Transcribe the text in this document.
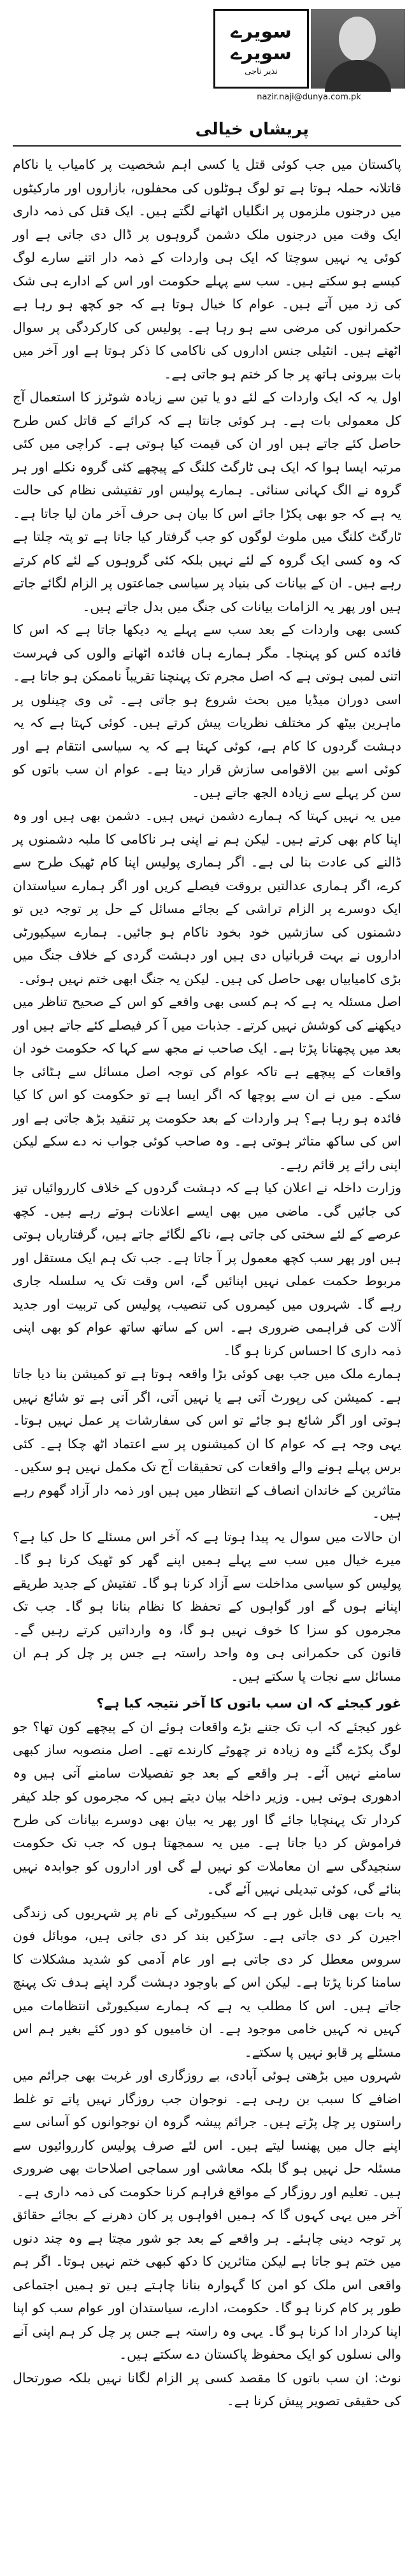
سویرے
سویرے
نذیر ناجی
nazir.naji@dunya.com.pk
پریشاں خیالی

پاکستان میں جب کوئی قتل یا کسی اہم شخصیت پر کامیاب یا ناکام قاتلانہ حملہ ہوتا ہے تو لوگ ہوٹلوں کی محفلوں، بازاروں اور مارکیٹوں میں درجنوں ملزموں پر انگلیاں اٹھانے لگتے ہیں۔ ایک قتل کی ذمہ داری ایک وقت میں درجنوں ملک دشمن گروہوں پر ڈال دی جاتی ہے اور کوئی یہ نہیں سوچتا کہ ایک ہی واردات کے ذمہ دار اتنے سارے لوگ کیسے ہو سکتے ہیں۔ سب سے پہلے حکومت اور اس کے ادارے ہی شک کی زد میں آتے ہیں۔ عوام کا خیال ہوتا ہے کہ جو کچھ ہو رہا ہے حکمرانوں کی مرضی سے ہو رہا ہے۔ پولیس کی کارکردگی پر سوال اٹھتے ہیں۔ انٹیلی جنس اداروں کی ناکامی کا ذکر ہوتا ہے اور آخر میں بات بیرونی ہاتھ پر جا کر ختم ہو جاتی ہے۔

اول یہ کہ ایک واردات کے لئے دو یا تین سے زیادہ شوٹرز کا استعمال آج کل معمولی بات ہے۔ ہر کوئی جانتا ہے کہ کرائے کے قاتل کس طرح حاصل کئے جاتے ہیں اور ان کی قیمت کیا ہوتی ہے۔ کراچی میں کئی مرتبہ ایسا ہوا کہ ایک ہی ٹارگٹ کلنگ کے پیچھے کئی گروہ نکلے اور ہر گروہ نے الگ کہانی سنائی۔ ہمارے پولیس اور تفتیشی نظام کی حالت یہ ہے کہ جو بھی پکڑا جائے اس کا بیان ہی حرف آخر مان لیا جاتا ہے۔ ٹارگٹ کلنگ میں ملوث لوگوں کو جب گرفتار کیا جاتا ہے تو پتہ چلتا ہے کہ وہ کسی ایک گروہ کے لئے نہیں بلکہ کئی گروہوں کے لئے کام کرتے رہے ہیں۔ ان کے بیانات کی بنیاد پر سیاسی جماعتوں پر الزام لگائے جاتے ہیں اور پھر یہ الزامات بیانات کی جنگ میں بدل جاتے ہیں۔

کسی بھی واردات کے بعد سب سے پہلے یہ دیکھا جاتا ہے کہ اس کا فائدہ کس کو پہنچا۔ مگر ہمارے ہاں فائدہ اٹھانے والوں کی فہرست اتنی لمبی ہوتی ہے کہ اصل مجرم تک پہنچنا تقریباً ناممکن ہو جاتا ہے۔ اسی دوران میڈیا میں بحث شروع ہو جاتی ہے۔ ٹی وی چینلوں پر ماہرین بیٹھ کر مختلف نظریات پیش کرتے ہیں۔ کوئی کہتا ہے کہ یہ دہشت گردوں کا کام ہے، کوئی کہتا ہے کہ یہ سیاسی انتقام ہے اور کوئی اسے بین الاقوامی سازش قرار دیتا ہے۔ عوام ان سب باتوں کو سن کر پہلے سے زیادہ الجھ جاتے ہیں۔

میں یہ نہیں کہتا کہ ہمارے دشمن نہیں ہیں۔ دشمن بھی ہیں اور وہ اپنا کام بھی کرتے ہیں۔ لیکن ہم نے اپنی ہر ناکامی کا ملبہ دشمنوں پر ڈالنے کی عادت بنا لی ہے۔ اگر ہماری پولیس اپنا کام ٹھیک طرح سے کرے، اگر ہماری عدالتیں بروقت فیصلے کریں اور اگر ہمارے سیاستدان ایک دوسرے پر الزام تراشی کے بجائے مسائل کے حل پر توجہ دیں تو دشمنوں کی سازشیں خود بخود ناکام ہو جائیں۔ ہمارے سیکیورٹی اداروں نے بہت قربانیاں دی ہیں اور دہشت گردی کے خلاف جنگ میں بڑی کامیابیاں بھی حاصل کی ہیں۔ لیکن یہ جنگ ابھی ختم نہیں ہوئی۔

اصل مسئلہ یہ ہے کہ ہم کسی بھی واقعے کو اس کے صحیح تناظر میں دیکھنے کی کوشش نہیں کرتے۔ جذبات میں آ کر فیصلے کئے جاتے ہیں اور بعد میں پچھتانا پڑتا ہے۔ ایک صاحب نے مجھ سے کہا کہ حکومت خود ان واقعات کے پیچھے ہے تاکہ عوام کی توجہ اصل مسائل سے ہٹائی جا سکے۔ میں نے ان سے پوچھا کہ اگر ایسا ہے تو حکومت کو اس کا کیا فائدہ ہو رہا ہے؟ ہر واردات کے بعد حکومت پر تنقید بڑھ جاتی ہے اور اس کی ساکھ متاثر ہوتی ہے۔ وہ صاحب کوئی جواب نہ دے سکے لیکن اپنی رائے پر قائم رہے۔

وزارت داخلہ نے اعلان کیا ہے کہ دہشت گردوں کے خلاف کارروائیاں تیز کی جائیں گی۔ ماضی میں بھی ایسے اعلانات ہوتے رہے ہیں۔ کچھ عرصے کے لئے سختی کی جاتی ہے، ناکے لگائے جاتے ہیں، گرفتاریاں ہوتی ہیں اور پھر سب کچھ معمول پر آ جاتا ہے۔ جب تک ہم ایک مستقل اور مربوط حکمت عملی نہیں اپنائیں گے، اس وقت تک یہ سلسلہ جاری رہے گا۔ شہروں میں کیمروں کی تنصیب، پولیس کی تربیت اور جدید آلات کی فراہمی ضروری ہے۔ اس کے ساتھ ساتھ عوام کو بھی اپنی ذمہ داری کا احساس کرنا ہو گا۔

ہمارے ملک میں جب بھی کوئی بڑا واقعہ ہوتا ہے تو کمیشن بنا دیا جاتا ہے۔ کمیشن کی رپورٹ آتی ہے یا نہیں آتی، اگر آتی ہے تو شائع نہیں ہوتی اور اگر شائع ہو جائے تو اس کی سفارشات پر عمل نہیں ہوتا۔ یہی وجہ ہے کہ عوام کا ان کمیشنوں پر سے اعتماد اٹھ چکا ہے۔ کئی برس پہلے ہونے والے واقعات کی تحقیقات آج تک مکمل نہیں ہو سکیں۔ متاثرین کے خاندان انصاف کے انتظار میں ہیں اور ذمہ دار آزاد گھوم رہے ہیں۔

ان حالات میں سوال یہ پیدا ہوتا ہے کہ آخر اس مسئلے کا حل کیا ہے؟ میرے خیال میں سب سے پہلے ہمیں اپنے گھر کو ٹھیک کرنا ہو گا۔ پولیس کو سیاسی مداخلت سے آزاد کرنا ہو گا۔ تفتیش کے جدید طریقے اپنانے ہوں گے اور گواہوں کے تحفظ کا نظام بنانا ہو گا۔ جب تک مجرموں کو سزا کا خوف نہیں ہو گا، وہ وارداتیں کرتے رہیں گے۔ قانون کی حکمرانی ہی وہ واحد راستہ ہے جس پر چل کر ہم ان مسائل سے نجات پا سکتے ہیں۔

غور کیجئے کہ ان سب باتوں کا آخر نتیجہ کیا ہے؟

غور کیجئے کہ اب تک جتنے بڑے واقعات ہوئے ان کے پیچھے کون تھا؟ جو لوگ پکڑے گئے وہ زیادہ تر چھوٹے کارندے تھے۔ اصل منصوبہ ساز کبھی سامنے نہیں آئے۔ ہر واقعے کے بعد جو تفصیلات سامنے آتی ہیں وہ ادھوری ہوتی ہیں۔ وزیر داخلہ بیان دیتے ہیں کہ مجرموں کو جلد کیفر کردار تک پہنچایا جائے گا اور پھر یہ بیان بھی دوسرے بیانات کی طرح فراموش کر دیا جاتا ہے۔ میں یہ سمجھتا ہوں کہ جب تک حکومت سنجیدگی سے ان معاملات کو نہیں لے گی اور اداروں کو جوابدہ نہیں بنائے گی، کوئی تبدیلی نہیں آئے گی۔

یہ بات بھی قابل غور ہے کہ سیکیورٹی کے نام پر شہریوں کی زندگی اجیرن کر دی جاتی ہے۔ سڑکیں بند کر دی جاتی ہیں، موبائل فون سروس معطل کر دی جاتی ہے اور عام آدمی کو شدید مشکلات کا سامنا کرنا پڑتا ہے۔ لیکن اس کے باوجود دہشت گرد اپنے ہدف تک پہنچ جاتے ہیں۔ اس کا مطلب یہ ہے کہ ہمارے سیکیورٹی انتظامات میں کہیں نہ کہیں خامی موجود ہے۔ ان خامیوں کو دور کئے بغیر ہم اس مسئلے پر قابو نہیں پا سکتے۔

شہروں میں بڑھتی ہوئی آبادی، بے روزگاری اور غربت بھی جرائم میں اضافے کا سبب بن رہی ہے۔ نوجوان جب روزگار نہیں پاتے تو غلط راستوں پر چل پڑتے ہیں۔ جرائم پیشہ گروہ ان نوجوانوں کو آسانی سے اپنے جال میں پھنسا لیتے ہیں۔ اس لئے صرف پولیس کارروائیوں سے مسئلہ حل نہیں ہو گا بلکہ معاشی اور سماجی اصلاحات بھی ضروری ہیں۔ تعلیم اور روزگار کے مواقع فراہم کرنا حکومت کی ذمہ داری ہے۔

آخر میں یہی کہوں گا کہ ہمیں افواہوں پر کان دھرنے کے بجائے حقائق پر توجہ دینی چاہئے۔ ہر واقعے کے بعد جو شور مچتا ہے وہ چند دنوں میں ختم ہو جاتا ہے لیکن متاثرین کا دکھ کبھی ختم نہیں ہوتا۔ اگر ہم واقعی اس ملک کو امن کا گہوارہ بنانا چاہتے ہیں تو ہمیں اجتماعی طور پر کام کرنا ہو گا۔ حکومت، ادارے، سیاستدان اور عوام سب کو اپنا اپنا کردار ادا کرنا ہو گا۔ یہی وہ راستہ ہے جس پر چل کر ہم اپنی آنے والی نسلوں کو ایک محفوظ پاکستان دے سکتے ہیں۔

نوٹ: ان سب باتوں کا مقصد کسی پر الزام لگانا نہیں بلکہ صورتحال کی حقیقی تصویر پیش کرنا ہے۔
